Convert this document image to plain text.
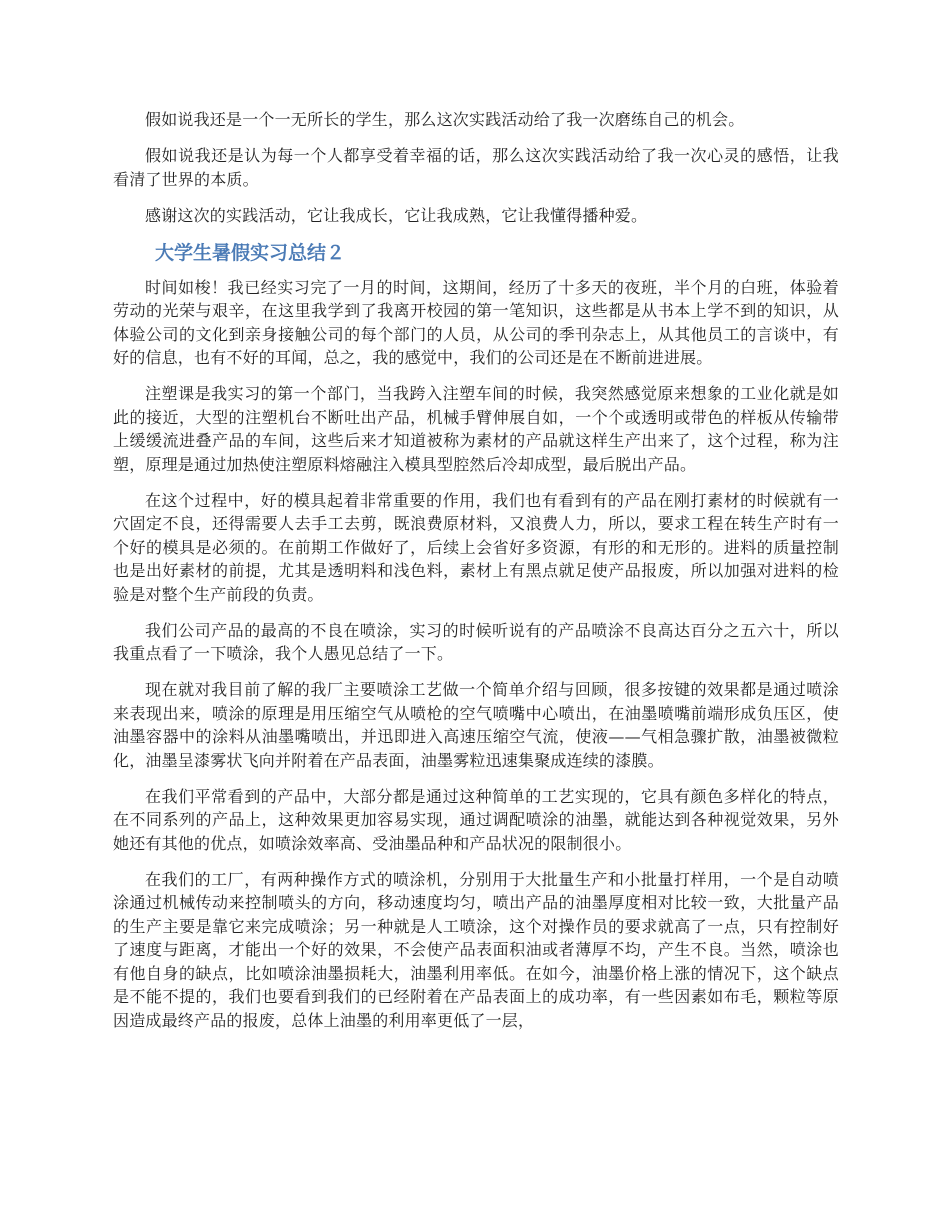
假如说我还是一个一无所长的学生，那么这次实践活动给了我一次磨练自己的机会。

假如说我还是认为每一个人都享受着幸福的话，那么这次实践活动给了我一次心灵的感悟，让我看清了世界的本质。

感谢这次的实践活动，它让我成长，它让我成熟，它让我懂得播种爱。

大学生暑假实习总结２

时间如梭！我已经实习完了一月的时间，这期间，经历了十多天的夜班，半个月的白班，体验着劳动的光荣与艰辛，在这里我学到了我离开校园的第一笔知识，这些都是从书本上学不到的知识，从体验公司的文化到亲身接触公司的每个部门的人员，从公司的季刊杂志上，从其他员工的言谈中，有好的信息，也有不好的耳闻，总之，我的感觉中，我们的公司还是在不断前进进展。

注塑课是我实习的第一个部门，当我跨入注塑车间的时候，我突然感觉原来想象的工业化就是如此的接近，大型的注塑机台不断吐出产品，机械手臂伸展自如，一个个或透明或带色的样板从传输带上缓缓流进叠产品的车间，这些后来才知道被称为素材的产品就这样生产出来了，这个过程，称为注塑，原理是通过加热使注塑原料熔融注入模具型腔然后冷却成型，最后脱出产品。

在这个过程中，好的模具起着非常重要的作用，我们也有看到有的产品在刚打素材的时候就有一穴固定不良，还得需要人去手工去剪，既浪费原材料，又浪费人力，所以，要求工程在转生产时有一个好的模具是必须的。在前期工作做好了，后续上会省好多资源，有形的和无形的。进料的质量控制也是出好素材的前提，尤其是透明料和浅色料，素材上有黑点就足使产品报废，所以加强对进料的检验是对整个生产前段的负责。

我们公司产品的最高的不良在喷涂，实习的时候听说有的产品喷涂不良高达百分之五六十，所以我重点看了一下喷涂，我个人愚见总结了一下。

现在就对我目前了解的我厂主要喷涂工艺做一个简单介绍与回顾，很多按键的效果都是通过喷涂来表现出来，喷涂的原理是用压缩空气从喷枪的空气喷嘴中心喷出，在油墨喷嘴前端形成负压区，使油墨容器中的涂料从油墨嘴喷出，并迅即进入高速压缩空气流，使液——气相急骤扩散，油墨被微粒化，油墨呈漆雾状飞向并附着在产品表面，油墨雾粒迅速集聚成连续的漆膜。

在我们平常看到的产品中，大部分都是通过这种简单的工艺实现的，它具有颜色多样化的特点，在不同系列的产品上，这种效果更加容易实现，通过调配喷涂的油墨，就能达到各种视觉效果，另外她还有其他的优点，如喷涂效率高、受油墨品种和产品状况的限制很小。

在我们的工厂，有两种操作方式的喷涂机，分别用于大批量生产和小批量打样用，一个是自动喷涂通过机械传动来控制喷头的方向，移动速度均匀，喷出产品的油墨厚度相对比较一致，大批量产品的生产主要是靠它来完成喷涂；另一种就是人工喷涂，这个对操作员的要求就高了一点，只有控制好了速度与距离，才能出一个好的效果，不会使产品表面积油或者薄厚不均，产生不良。当然，喷涂也有他自身的缺点，比如喷涂油墨损耗大，油墨利用率低。在如今，油墨价格上涨的情况下，这个缺点是不能不提的，我们也要看到我们的已经附着在产品表面上的成功率，有一些因素如布毛，颗粒等原因造成最终产品的报废，总体上油墨的利用率更低了一层，
